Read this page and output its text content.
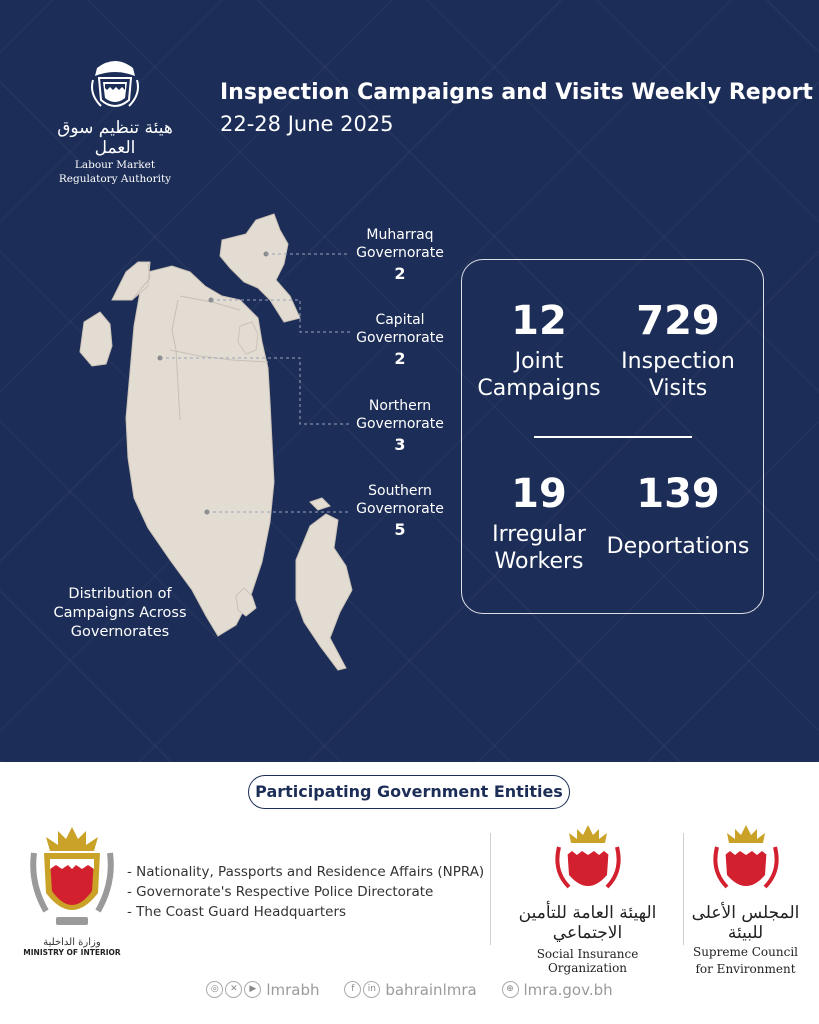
هيئة تنظيم سوق العمل
Labour Market
Regulatory Authority
Inspection Campaigns and Visits Weekly Report
22-28 June 2025
Muharraq
Governorate
2
Capital
Governorate
2
Northern
Governorate
3
Southern
Governorate
5
Distribution of
Campaigns Across
Governorates
12
Joint
Campaigns
729
Inspection
Visits
19
Irregular
Workers
139
Deportations
Participating Government Entities
وزارة الداخلية
MINISTRY OF INTERIOR
- Nationality, Passports and Residence Affairs (NPRA)
- Governorate's Respective Police Directorate
- The Coast Guard Headquarters	الهيئة العامة للتأمين الاجتماعي
Social Insurance Organization
المجلس الأعلى للبيئة
Supreme Council
for Environment
◎ ✕ ▶ lmrabh	f in bahrainlmra	⊕ lmra.gov.bh
